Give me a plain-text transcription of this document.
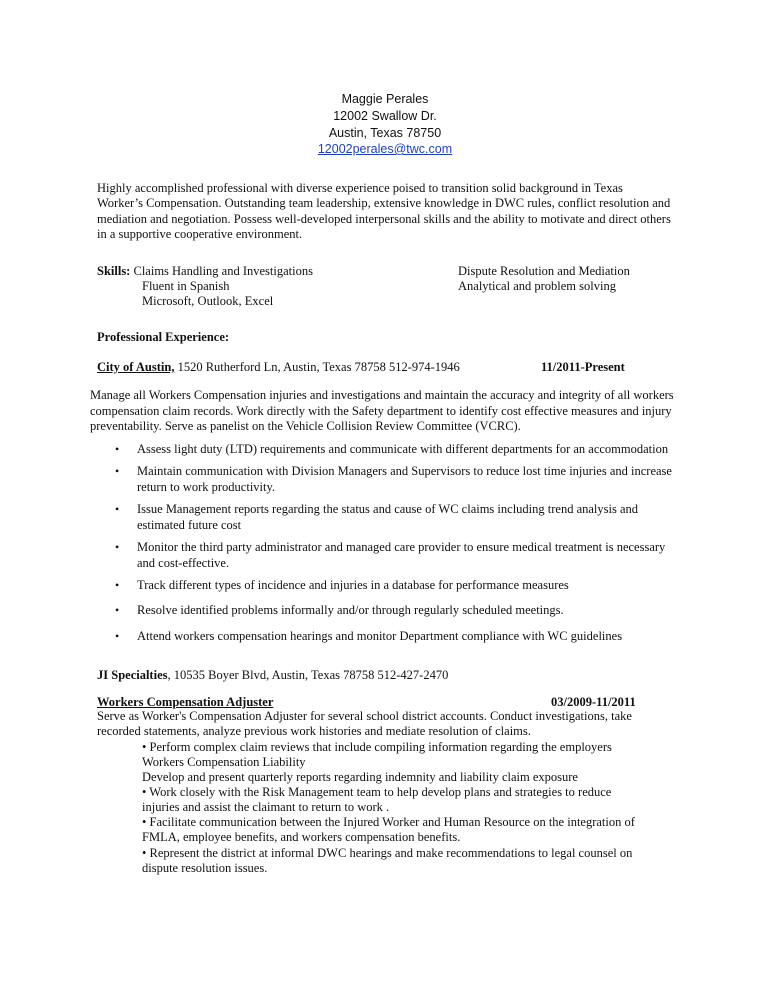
Maggie Perales
12002 Swallow Dr.
Austin, Texas 78750
12002perales@twc.com
Highly accomplished professional with diverse experience poised to transition solid background in Texas
Worker’s Compensation. Outstanding team leadership, extensive knowledge in DWC rules, conflict resolution and
mediation and negotiation. Possess well-developed interpersonal skills and the ability to motivate and direct others
in a supportive cooperative environment.
Skills: Claims Handling and Investigations
Fluent in Spanish
Microsoft, Outlook, Excel
Dispute Resolution and Mediation
Analytical and problem solving
Professional Experience:
City of Austin, 1520 Rutherford Ln, Austin, Texas 78758 512-974-1946	11/2011-Present
Manage all Workers Compensation injuries and investigations and maintain the accuracy and integrity of all workers
compensation claim records. Work directly with the Safety department to identify cost effective measures and injury
preventability. Serve as panelist on the Vehicle Collision Review Committee (VCRC).
• Assess light duty (LTD) requirements and communicate with different departments for an accommodation
• Maintain communication with Division Managers and Supervisors to reduce lost time injuries and increase
return to work productivity.
• Issue Management reports regarding the status and cause of WC claims including trend analysis and
estimated future cost
• Monitor the third party administrator and managed care provider to ensure medical treatment is necessary
and cost-effective.
• Track different types of incidence and injuries in a database for performance measures
• Resolve identified problems informally and/or through regularly scheduled meetings.
• Attend workers compensation hearings and monitor Department compliance with WC guidelines
JI Specialties, 10535 Boyer Blvd, Austin, Texas 78758 512-427-2470
Workers Compensation Adjuster	03/2009-11/2011
Serve as Worker's Compensation Adjuster for several school district accounts. Conduct investigations, take
recorded statements, analyze previous work histories and mediate resolution of claims.
• Perform complex claim reviews that include compiling information regarding the employers
Workers Compensation Liability
Develop and present quarterly reports regarding indemnity and liability claim exposure
• Work closely with the Risk Management team to help develop plans and strategies to reduce
injuries and assist the claimant to return to work .
• Facilitate communication between the Injured Worker and Human Resource on the integration of
FMLA, employee benefits, and workers compensation benefits.
• Represent the district at informal DWC hearings and make recommendations to legal counsel on
dispute resolution issues.
